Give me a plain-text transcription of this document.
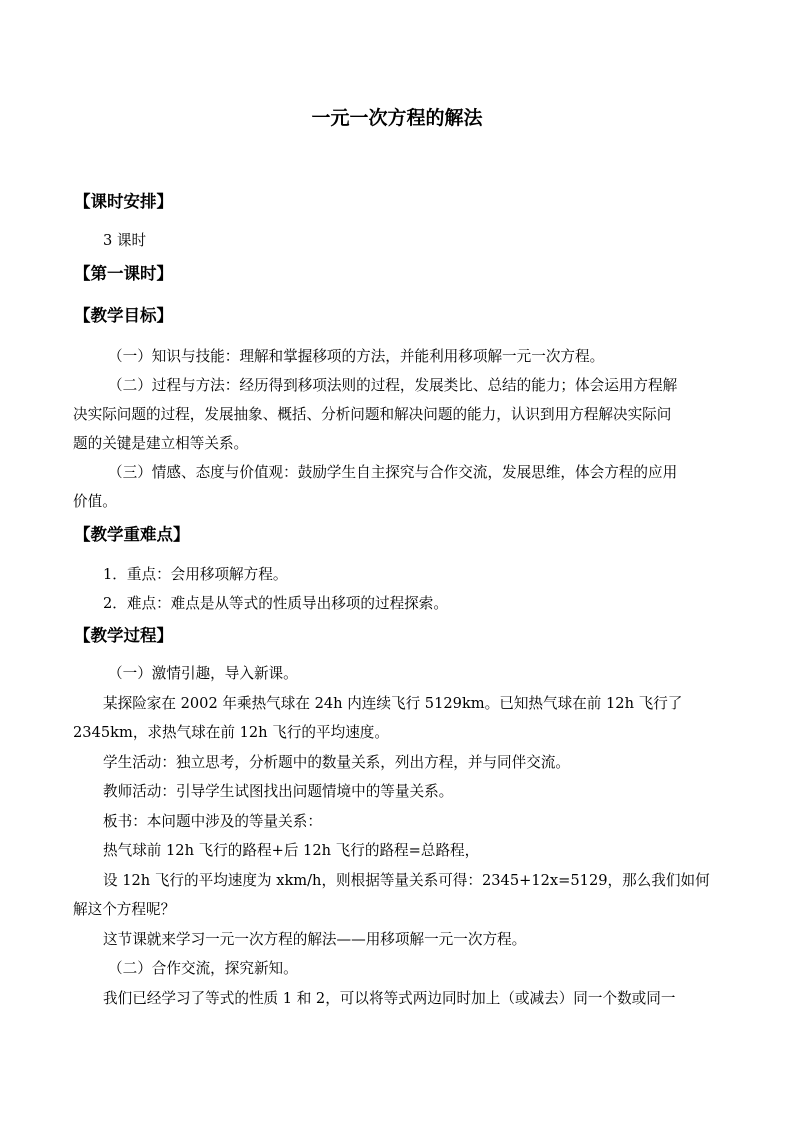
一元一次方程的解法
【课时安排】
3 课时
【第一课时】
【教学目标】
（一）知识与技能：理解和掌握移项的方法，并能利用移项解一元一次方程。
（二）过程与方法：经历得到移项法则的过程，发展类比、总结的能力；体会运用方程解
决实际问题的过程，发展抽象、概括、分析问题和解决问题的能力，认识到用方程解决实际问
题的关键是建立相等关系。
（三）情感、态度与价值观：鼓励学生自主探究与合作交流，发展思维，体会方程的应用
价值。
【教学重难点】
1．重点：会用移项解方程。
2．难点：难点是从等式的性质导出移项的过程探索。
【教学过程】
（一）激情引趣，导入新课。
某探险家在 2002 年乘热气球在 24h 内连续飞行 5129km。已知热气球在前 12h 飞行了
2345km，求热气球在前 12h 飞行的平均速度。
学生活动：独立思考，分析题中的数量关系，列出方程，并与同伴交流。
教师活动：引导学生试图找出问题情境中的等量关系。
板书：本问题中涉及的等量关系：
热气球前 12h 飞行的路程+后 12h 飞行的路程=总路程，
设 12h 飞行的平均速度为 xkm/h，则根据等量关系可得：2345+12x=5129，那么我们如何
解这个方程呢？
这节课就来学习一元一次方程的解法——用移项解一元一次方程。
（二）合作交流，探究新知。
我们已经学习了等式的性质 1 和 2，可以将等式两边同时加上（或减去）同一个数或同一
